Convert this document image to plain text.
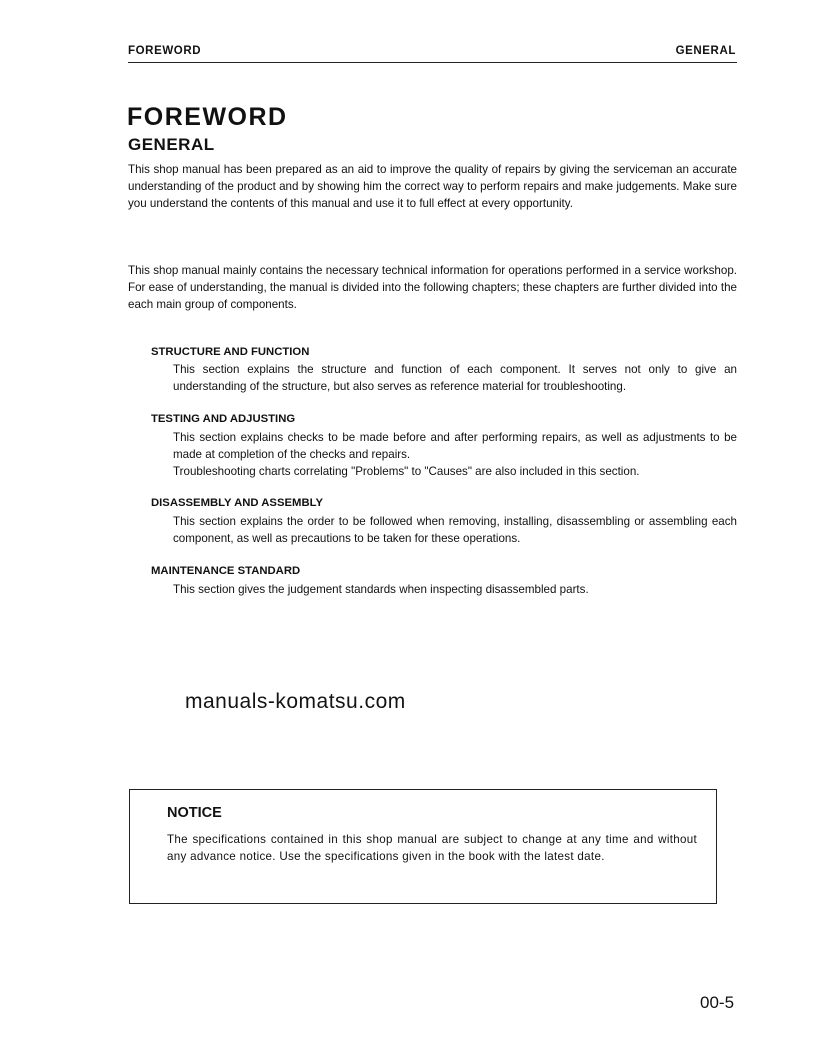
FOREWORD	GENERAL
FOREWORD
GENERAL
This shop manual has been prepared as an aid to improve the quality of repairs by giving the serviceman an accurate understanding of the product and by showing him the correct way to perform repairs and make judgements. Make sure you understand the contents of this manual and use it to full effect at every opportunity.
This shop manual mainly contains the necessary technical information for operations performed in a service workshop. For ease of understanding, the manual is divided into the following chapters; these chapters are further divided into the each main group of components.
STRUCTURE AND FUNCTION

This section explains the structure and function of each component. It serves not only to give an understanding of the structure, but also serves as reference material for troubleshooting.

TESTING AND ADJUSTING

This section explains checks to be made before and after performing repairs, as well as adjustments to be made at completion of the checks and repairs.

Troubleshooting charts correlating "Problems" to "Causes" are also included in this section.

DISASSEMBLY AND ASSEMBLY

This section explains the order to be followed when removing, installing, disassembling or assembling each component, as well as precautions to be taken for these operations.

MAINTENANCE STANDARD

This section gives the judgement standards when inspecting disassembled parts.

manuals-komatsu.com
NOTICE
The specifications contained in this shop manual are subject to change at any time and without any advance notice. Use the specifications given in the book with the latest date.
00-5
